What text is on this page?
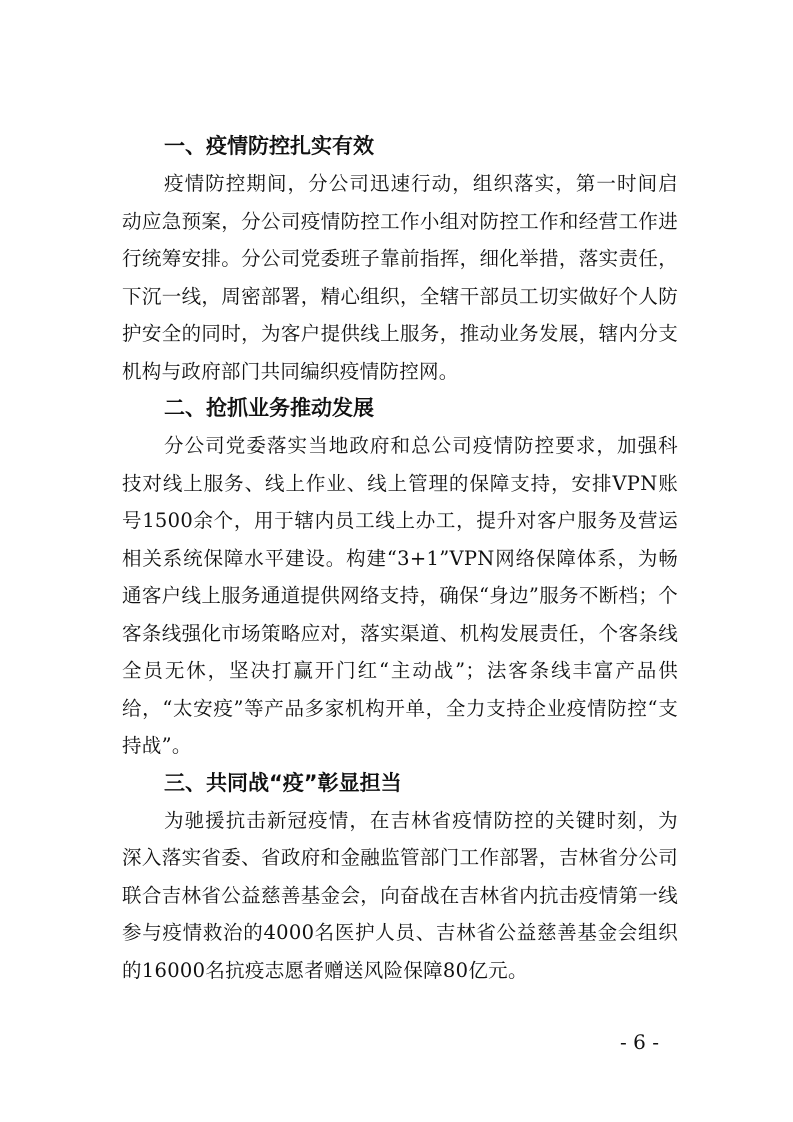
一、疫情防控扎实有效

疫情防控期间，分公司迅速行动，组织落实，第一时间启动应急预案，分公司疫情防控工作小组对防控工作和经营工作进行统筹安排。分公司党委班子靠前指挥，细化举措，落实责任，下沉一线，周密部署，精心组织，全辖干部员工切实做好个人防护安全的同时，为客户提供线上服务，推动业务发展，辖内分支机构与政府部门共同编织疫情防控网。

二、抢抓业务推动发展

分公司党委落实当地政府和总公司疫情防控要求，加强科技对线上服务、线上作业、线上管理的保障支持，安排VPN账号1500余个，用于辖内员工线上办工，提升对客户服务及营运相关系统保障水平建设。构建“3+1”VPN网络保障体系，为畅通客户线上服务通道提供网络支持，确保“身边”服务不断档；个客条线强化市场策略应对，落实渠道、机构发展责任，个客条线全员无休，坚决打赢开门红“主动战”；法客条线丰富产品供给，“太安疫”等产品多家机构开单，全力支持企业疫情防控“支持战”。

三、共同战“疫”彰显担当

为驰援抗击新冠疫情，在吉林省疫情防控的关键时刻，为深入落实省委、省政府和金融监管部门工作部署，吉林省分公司联合吉林省公益慈善基金会，向奋战在吉林省内抗击疫情第一线参与疫情救治的4000名医护人员、吉林省公益慈善基金会组织的16000名抗疫志愿者赠送风险保障80亿元。

- 6 -
